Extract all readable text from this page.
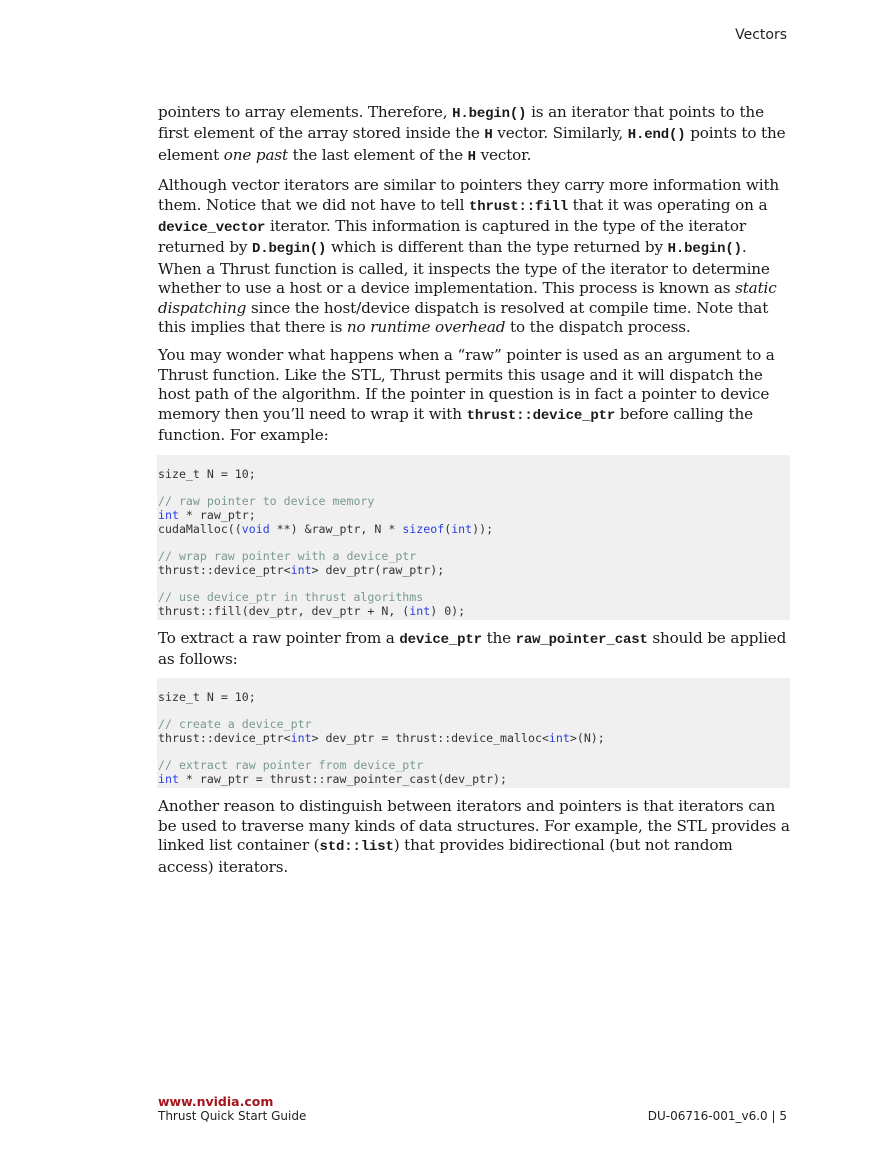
Vectors

pointers to array elements. Therefore, H.begin() is an iterator that points to the first element of the array stored inside the H vector. Similarly, H.end() points to the element one past the last element of the H vector.

Although vector iterators are similar to pointers they carry more information with them. Notice that we did not have to tell thrust::fill that it was operating on a device_vector iterator. This information is captured in the type of the iterator returned by D.begin() which is different than the type returned by H.begin(). When a Thrust function is called, it inspects the type of the iterator to determine whether to use a host or a device implementation. This process is known as static dispatching since the host/device dispatch is resolved at compile time. Note that this implies that there is no runtime overhead to the dispatch process.

You may wonder what happens when a “raw” pointer is used as an argument to a Thrust function. Like the STL, Thrust permits this usage and it will dispatch the host path of the algorithm. If the pointer in question is in fact a pointer to device memory then you’ll need to wrap it with thrust::device_ptr before calling the function. For example:

size_t N = 10;
// raw pointer to device memory
int * raw_ptr;
cudaMalloc((void **) &raw_ptr, N * sizeof(int));
// wrap raw pointer with a device_ptr
thrust::device_ptr<int> dev_ptr(raw_ptr);
// use device_ptr in thrust algorithms
thrust::fill(dev_ptr, dev_ptr + N, (int) 0);

To extract a raw pointer from a device_ptr the raw_pointer_cast should be applied as follows:

size_t N = 10;
// create a device_ptr
thrust::device_ptr<int> dev_ptr = thrust::device_malloc<int>(N);
// extract raw pointer from device_ptr
int * raw_ptr = thrust::raw_pointer_cast(dev_ptr);

Another reason to distinguish between iterators and pointers is that iterators can be used to traverse many kinds of data structures. For example, the STL provides a linked list container (std::list) that provides bidirectional (but not random access) iterators.

www.nvidia.com
Thrust Quick Start Guide	DU-06716-001_v6.0 | 5
